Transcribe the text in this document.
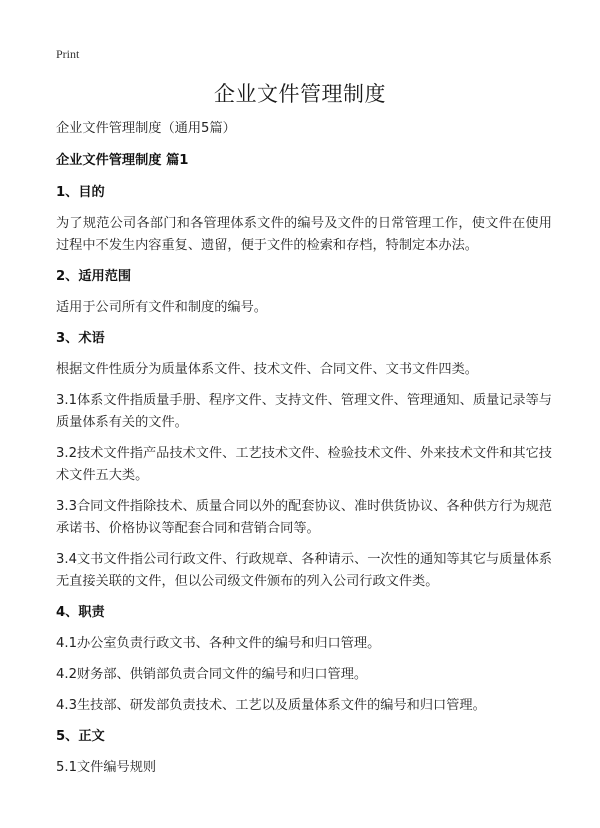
Print
企业文件管理制度

企业文件管理制度（通用5篇）

企业文件管理制度 篇1

1、目的

为了规范公司各部门和各管理体系文件的编号及文件的日常管理工作，使文件在使用过程中不发生内容重复、遗留，便于文件的检索和存档，特制定本办法。

2、适用范围

适用于公司所有文件和制度的编号。

3、术语

根据文件性质分为质量体系文件、技术文件、合同文件、文书文件四类。

3.1体系文件指质量手册、程序文件、支持文件、管理文件、管理通知、质量记录等与质量体系有关的文件。

3.2技术文件指产品技术文件、工艺技术文件、检验技术文件、外来技术文件和其它技术文件五大类。

3.3合同文件指除技术、质量合同以外的配套协议、准时供货协议、各种供方行为规范承诺书、价格协议等配套合同和营销合同等。

3.4文书文件指公司行政文件、行政规章、各种请示、一次性的通知等其它与质量体系无直接关联的文件，但以公司级文件颁布的列入公司行政文件类。

4、职责

4.1办公室负责行政文书、各种文件的编号和归口管理。

4.2财务部、供销部负责合同文件的编号和归口管理。

4.3生技部、研发部负责技术、工艺以及质量体系文件的编号和归口管理。

5、正文

5.1文件编号规则
